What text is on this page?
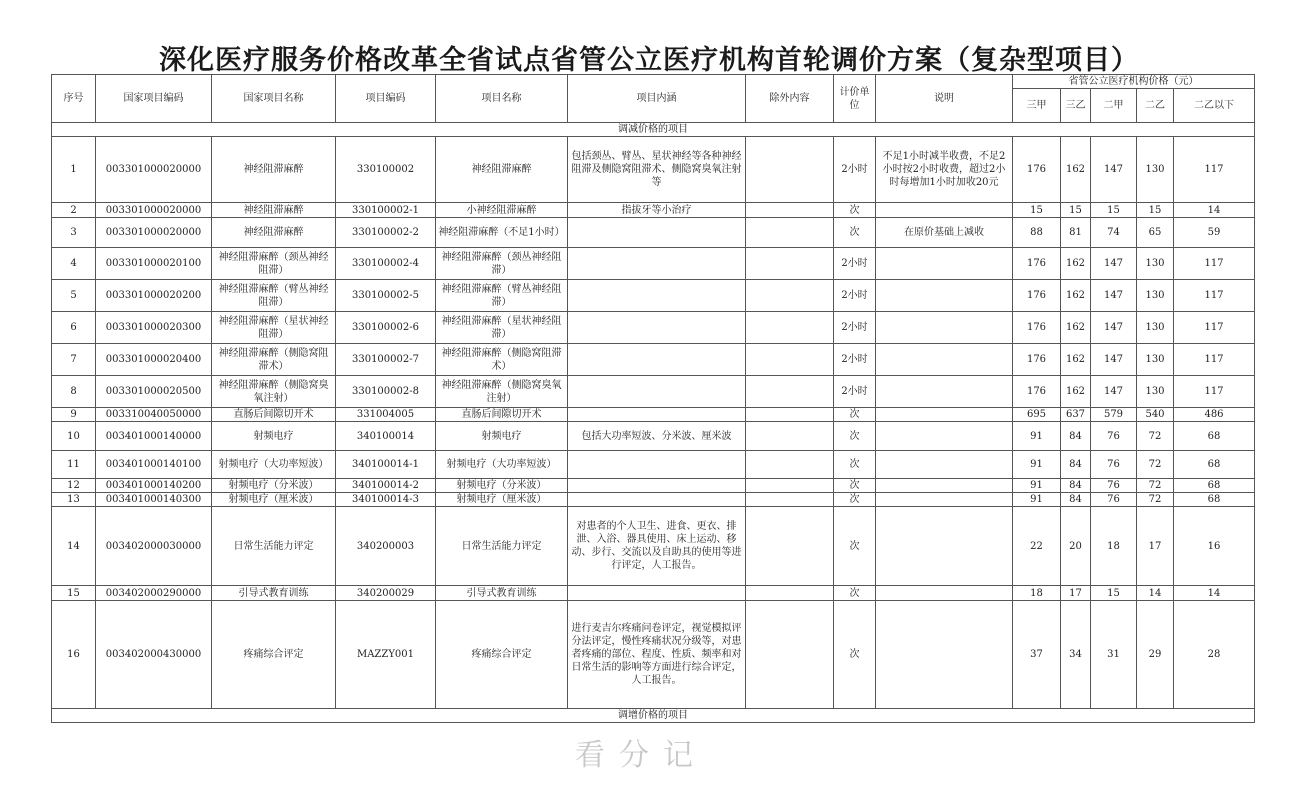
深化医疗服务价格改革全省试点省管公立医疗机构首轮调价方案（复杂型项目）
序号	国家项目编码	国家项目名称	项目编码	项目名称	项目内涵	除外内容	计价单位	说明	省管公立医疗机构价格（元）				
									三甲	三乙	二甲	二乙	二乙以下
调减价格的项目													
1	003301000020000	神经阻滞麻醉	330100002	神经阻滞麻醉	包括颈丛、臂丛、星状神经等各种神经阻滞及侧隐窝阻滞术、侧隐窝臭氧注射等		2小时	不足1小时减半收费，不足2小时按2小时收费，超过2小时每增加1小时加收20元	176	162	147	130	117
2	003301000020000	神经阻滞麻醉	330100002-1	小神经阻滞麻醉	指拔牙等小治疗		次		15	15	15	15	14
3	003301000020000	神经阻滞麻醉	330100002-2	神经阻滞麻醉（不足1小时）			次	在原价基础上减收	88	81	74	65	59
4	003301000020100	神经阻滞麻醉（颈丛神经阻滞）	330100002-4	神经阻滞麻醉（颈丛神经阻滞）			2小时		176	162	147	130	117
5	003301000020200	神经阻滞麻醉（臂丛神经阻滞）	330100002-5	神经阻滞麻醉（臂丛神经阻滞）			2小时		176	162	147	130	117
6	003301000020300	神经阻滞麻醉（星状神经阻滞）	330100002-6	神经阻滞麻醉（星状神经阻滞）			2小时		176	162	147	130	117
7	003301000020400	神经阻滞麻醉（侧隐窝阻滞术）	330100002-7	神经阻滞麻醉（侧隐窝阻滞术）			2小时		176	162	147	130	117
8	003301000020500	神经阻滞麻醉（侧隐窝臭氧注射）	330100002-8	神经阻滞麻醉（侧隐窝臭氧注射）			2小时		176	162	147	130	117
9	003310040050000	直肠后间隙切开术	331004005	直肠后间隙切开术			次		695	637	579	540	486
10	003401000140000	射频电疗	340100014	射频电疗	包括大功率短波、分米波、厘米波		次		91	84	76	72	68
11	003401000140100	射频电疗（大功率短波）	340100014-1	射频电疗（大功率短波）			次		91	84	76	72	68
12	003401000140200	射频电疗（分米波）	340100014-2	射频电疗（分米波）			次		91	84	76	72	68
13	003401000140300	射频电疗（厘米波）	340100014-3	射频电疗（厘米波）			次		91	84	76	72	68
14	003402000030000	日常生活能力评定	340200003	日常生活能力评定	对患者的个人卫生、进食、更衣、排泄、入浴、器具使用、床上运动、移动、步行、交流以及自助具的使用等进行评定，人工报告。		次		22	20	18	17	16
15	003402000290000	引导式教育训练	340200029	引导式教育训练			次		18	17	15	14	14
16	003402000430000	疼痛综合评定	MAZZY001	疼痛综合评定	进行麦吉尔疼痛问卷评定，视觉模拟评分法评定，慢性疼痛状况分级等，对患者疼痛的部位、程度、性质、频率和对日常生活的影响等方面进行综合评定，人工报告。		次		37	34	31	29	28
调增价格的项目													
看分记
